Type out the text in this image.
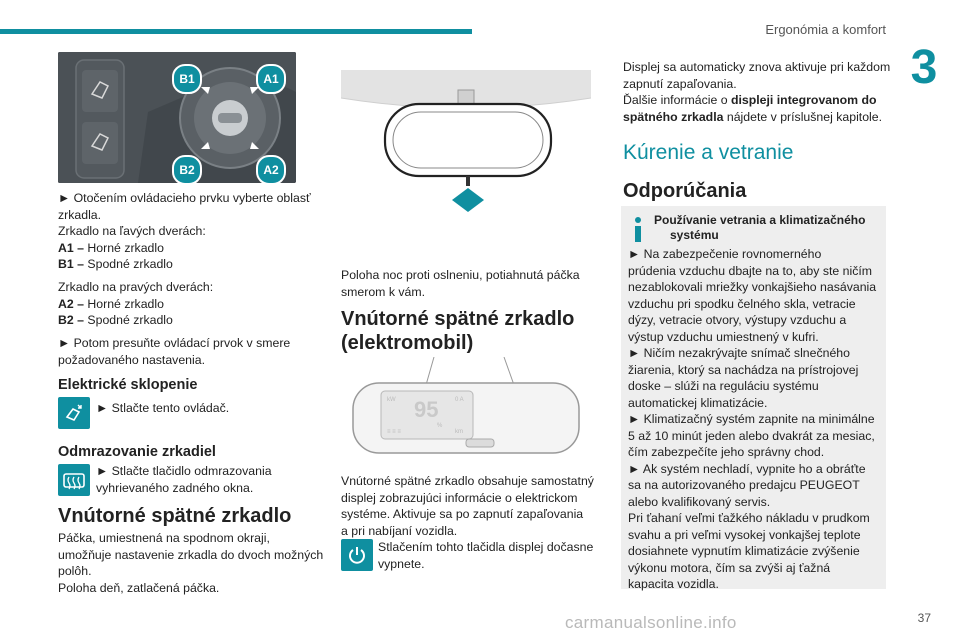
Ergonómia a komfort
3
B1	A1
B2	A2

► Otočením ovládacieho prvku vyberte oblasť

zrkadla.

Zrkadlo na ľavých dverách:

A1 – Horné zrkadlo

B1 – Spodné zrkadlo

Zrkadlo na pravých dverách:

A2 – Horné zrkadlo

B2 – Spodné zrkadlo

► Potom presuňte ovládací prvok v smere

požadovaného nastavenia.

Elektrické sklopenie

► Stlačte tento ovládač.

Odmrazovanie zrkadiel

► Stlačte tlačidlo odmrazovania

vyhrievaného zadného okna.

Vnútorné spätné zrkadlo

Páčka, umiestnená na spodnom okraji,

umožňuje nastavenie zrkadla do dvoch možných

polôh.

Poloha deň, zatlačená páčka.

Poloha noc proti oslneniu, potiahnutá páčka

smerom k vám.

Vnútorné spätné zrkadlo
(elektromobil)
kW 95
%
0 A
≡ ≡ ≡	km

Vnútorné spätné zrkadlo obsahuje samostatný

displej zobrazujúci informácie o elektrickom

systéme. Aktivuje sa po zapnutí zapaľovania

a pri nabíjaní vozidla.

Stlačením tohto tlačidla displej dočasne

vypnete.

Displej sa automaticky znova aktivuje pri každom

zapnutí zapaľovania.

Ďalšie informácie o displeji integrovanom do

spätného zrkadla nájdete v príslušnej kapitole.

Kúrenie a vetranie
Odporúčania
Používanie vetrania a klimatizačného
systému

► Na zabezpečenie rovnomerného

prúdenia vzduchu dbajte na to, aby ste ničím

nezablokovali mriežky vonkajšieho nasávania

vzduchu pri spodku čelného skla, vetracie

dýzy, vetracie otvory, výstupy vzduchu a

výstup vzduchu umiestnený v kufri.

► Ničím nezakrývajte snímač slnečného

žiarenia, ktorý sa nachádza na prístrojovej

doske – slúži na reguláciu systému

automatickej klimatizácie.

► Klimatizačný systém zapnite na minimálne

5 až 10 minút jeden alebo dvakrát za mesiac,

čím zabezpečíte jeho správny chod.

► Ak systém nechladí, vypnite ho a obráťte

sa na autorizovaného predajcu PEUGEOT

alebo kvalifikovaný servis.

Pri ťahaní veľmi ťažkého nákladu v prudkom

svahu a pri veľmi vysokej vonkajšej teplote

dosiahnete vypnutím klimatizácie zvýšenie

výkonu motora, čím sa zvýši aj ťažná

kapacita vozidla.

carmanualsonline.info	37
